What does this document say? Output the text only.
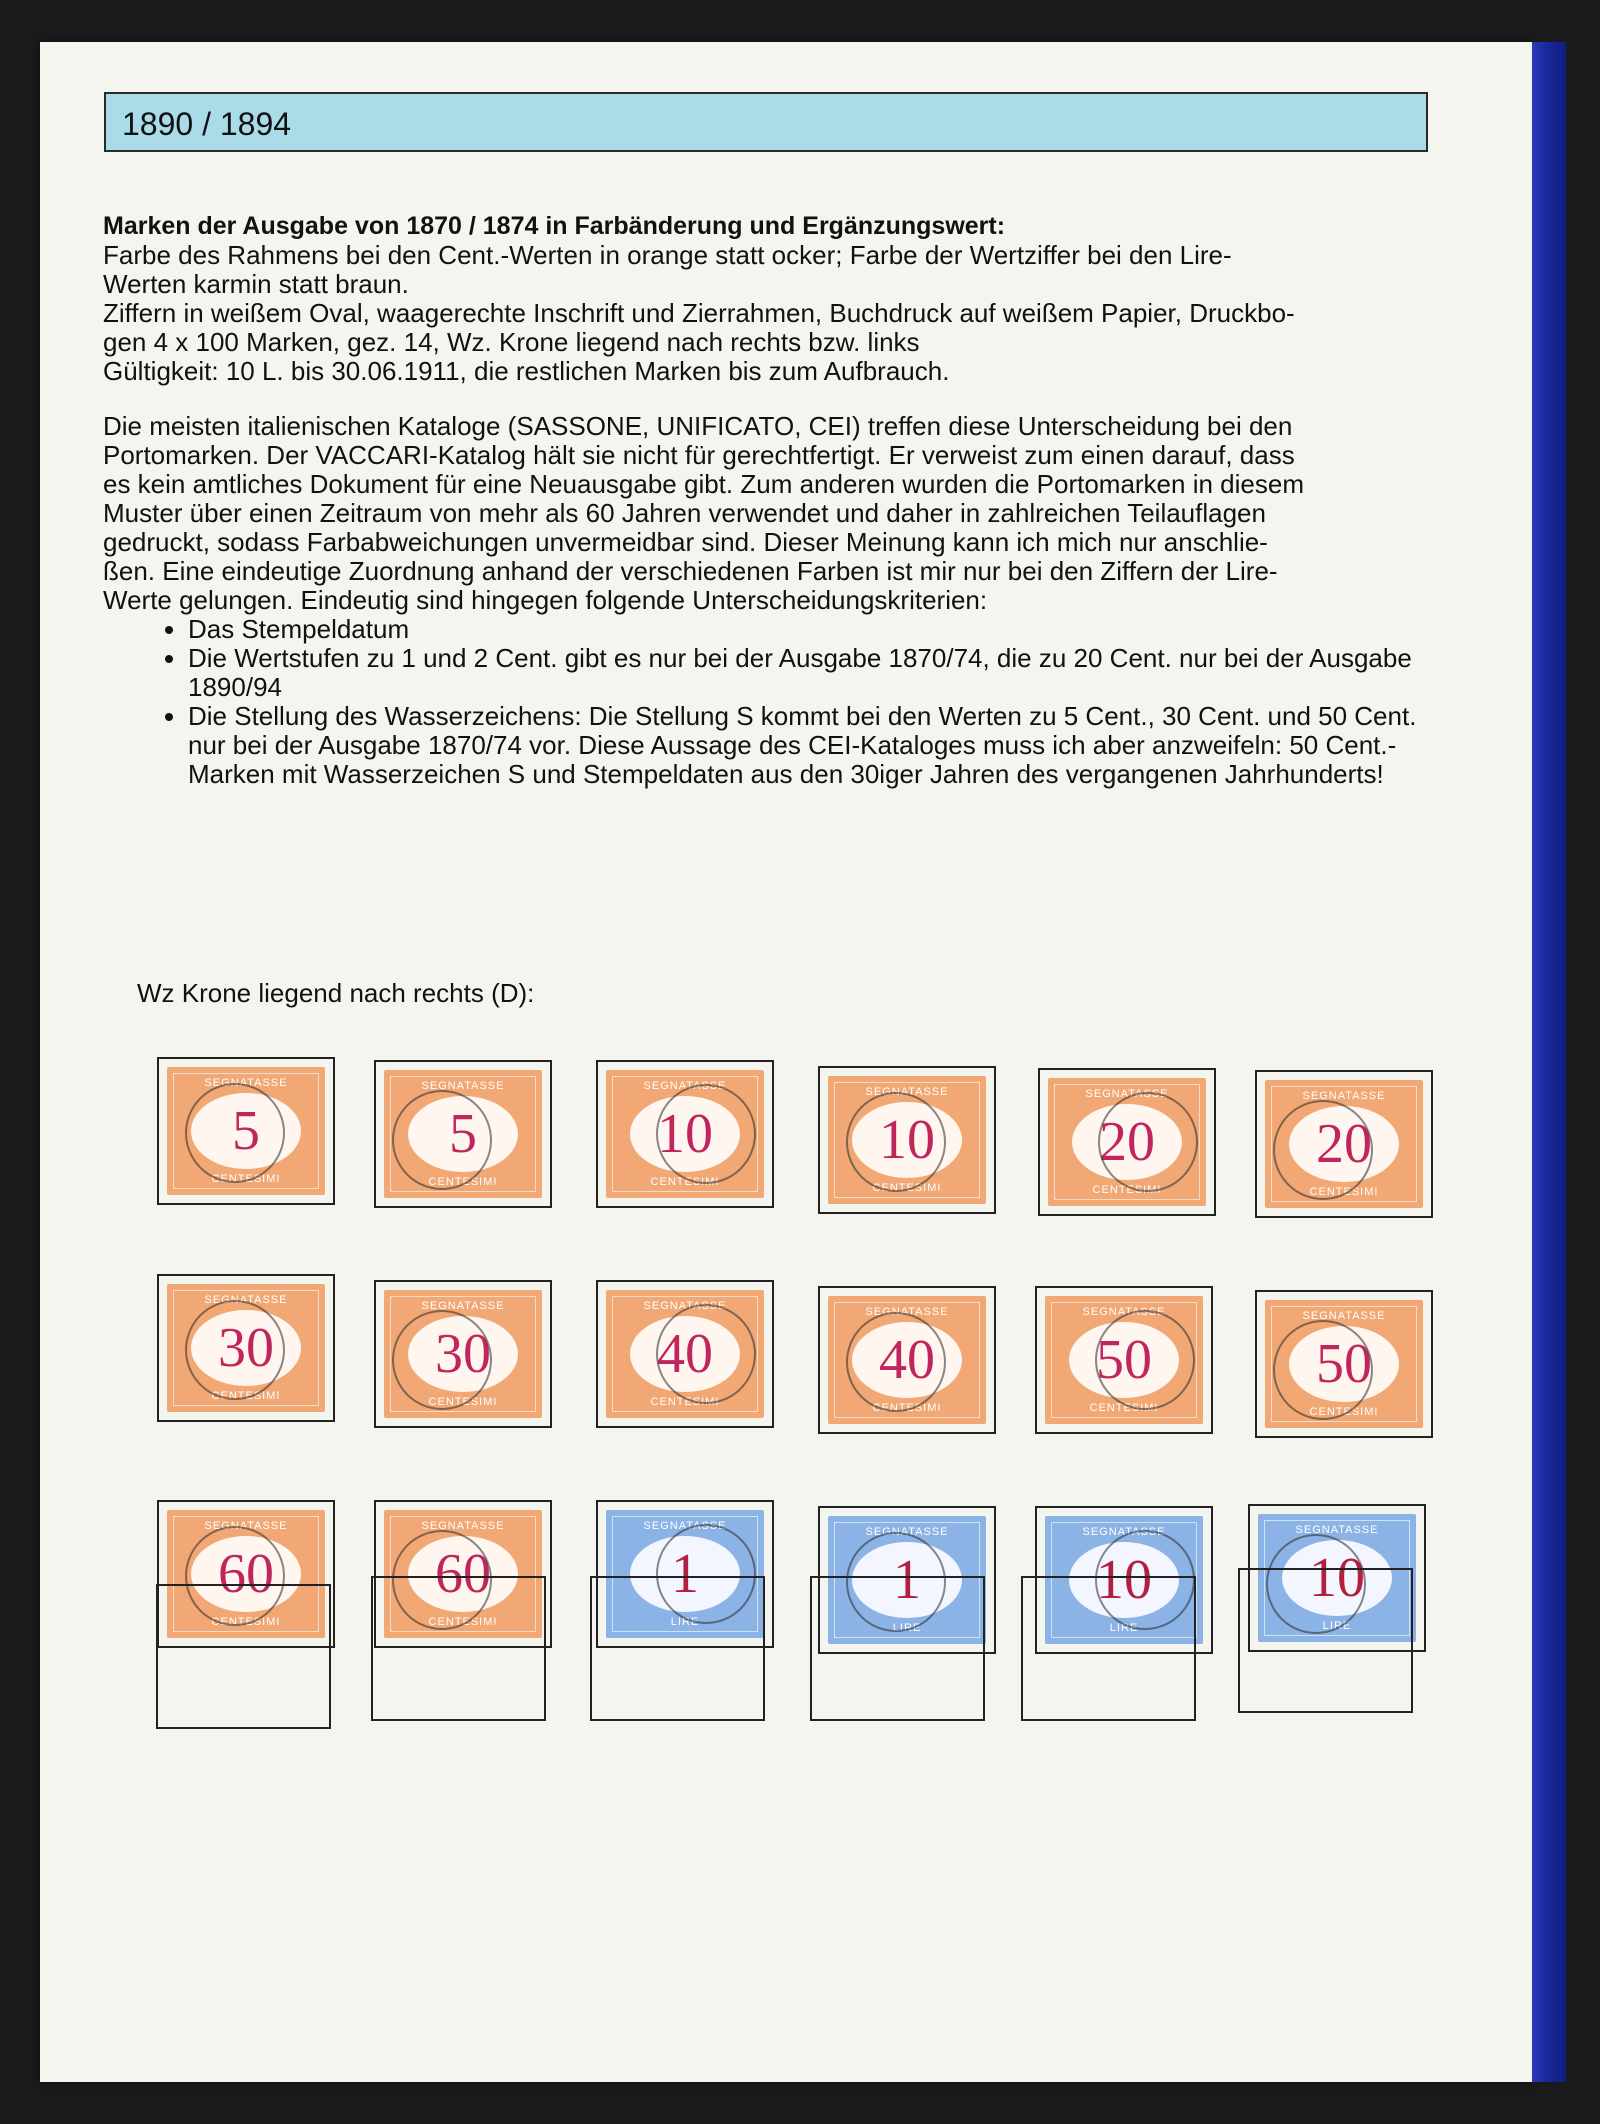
1890 / 1894

Marken der Ausgabe von 1870 / 1874 in Farbänderung und Ergänzungswert:

Farbe des Rahmens bei den Cent.-Werten in orange statt ocker; Farbe der Wertziffer bei den Lire-

Werten karmin statt braun.

Ziffern in weißem Oval, waagerechte Inschrift und Zierrahmen, Buchdruck auf weißem Papier, Druckbo-

gen 4 x 100 Marken, gez. 14, Wz. Krone liegend nach rechts bzw. links

Gültigkeit: 10 L. bis 30.06.1911, die restlichen Marken bis zum Aufbrauch.

Die meisten italienischen Kataloge (SASSONE, UNIFICATO, CEI) treffen diese Unterscheidung bei den

Portomarken. Der VACCARI-Katalog hält sie nicht für gerechtfertigt. Er verweist zum einen darauf, dass

es kein amtliches Dokument für eine Neuausgabe gibt. Zum anderen wurden die Portomarken in diesem

Muster über einen Zeitraum von mehr als 60 Jahren verwendet und daher in zahlreichen Teilauflagen

gedruckt, sodass Farbabweichungen unvermeidbar sind. Dieser Meinung kann ich mich nur anschlie-

ßen. Eine eindeutige Zuordnung anhand der verschiedenen Farben ist mir nur bei den Ziffern der Lire-

Werte gelungen. Eindeutig sind hingegen folgende Unterscheidungskriterien:

• Das Stempeldatum
• Die Wertstufen zu 1 und 2 Cent. gibt es nur bei der Ausgabe 1870/74, die zu 20 Cent. nur bei der Ausgabe 1890/94
• Die Stellung des Wasserzeichens: Die Stellung S kommt bei den Werten zu 5 Cent., 30 Cent. und 50 Cent. nur bei der Ausgabe 1870/74 vor. Diese Aussage des CEI-Kataloges muss ich aber anzweifeln: 50 Cent.-Marken mit Wasserzeichen S und Stempeldaten aus den 30iger Jahren des vergangenen Jahrhunderts!
Wz Krone liegend nach rechts (D):
SEGNATASSE
5
CENTESIMI
SEGNATASSE
5
CENTESIMI
SEGNATASSE
10
CENTESIMI
SEGNATASSE
10
CENTESIMI
SEGNATASSE
20
CENTESIMI
SEGNATASSE
20
CENTESIMI
SEGNATASSE
30
CENTESIMI
SEGNATASSE
30
CENTESIMI
SEGNATASSE
40
CENTESIMI
SEGNATASSE
40
CENTESIMI
SEGNATASSE
50
CENTESIMI
SEGNATASSE
50
CENTESIMI
SEGNATASSE
60
CENTESIMI
SEGNATASSE
60
CENTESIMI
SEGNATASSE
1
LIRE
SEGNATASSE
1
LIRE
SEGNATASSE
10
LIRE
SEGNATASSE
10
LIRE
